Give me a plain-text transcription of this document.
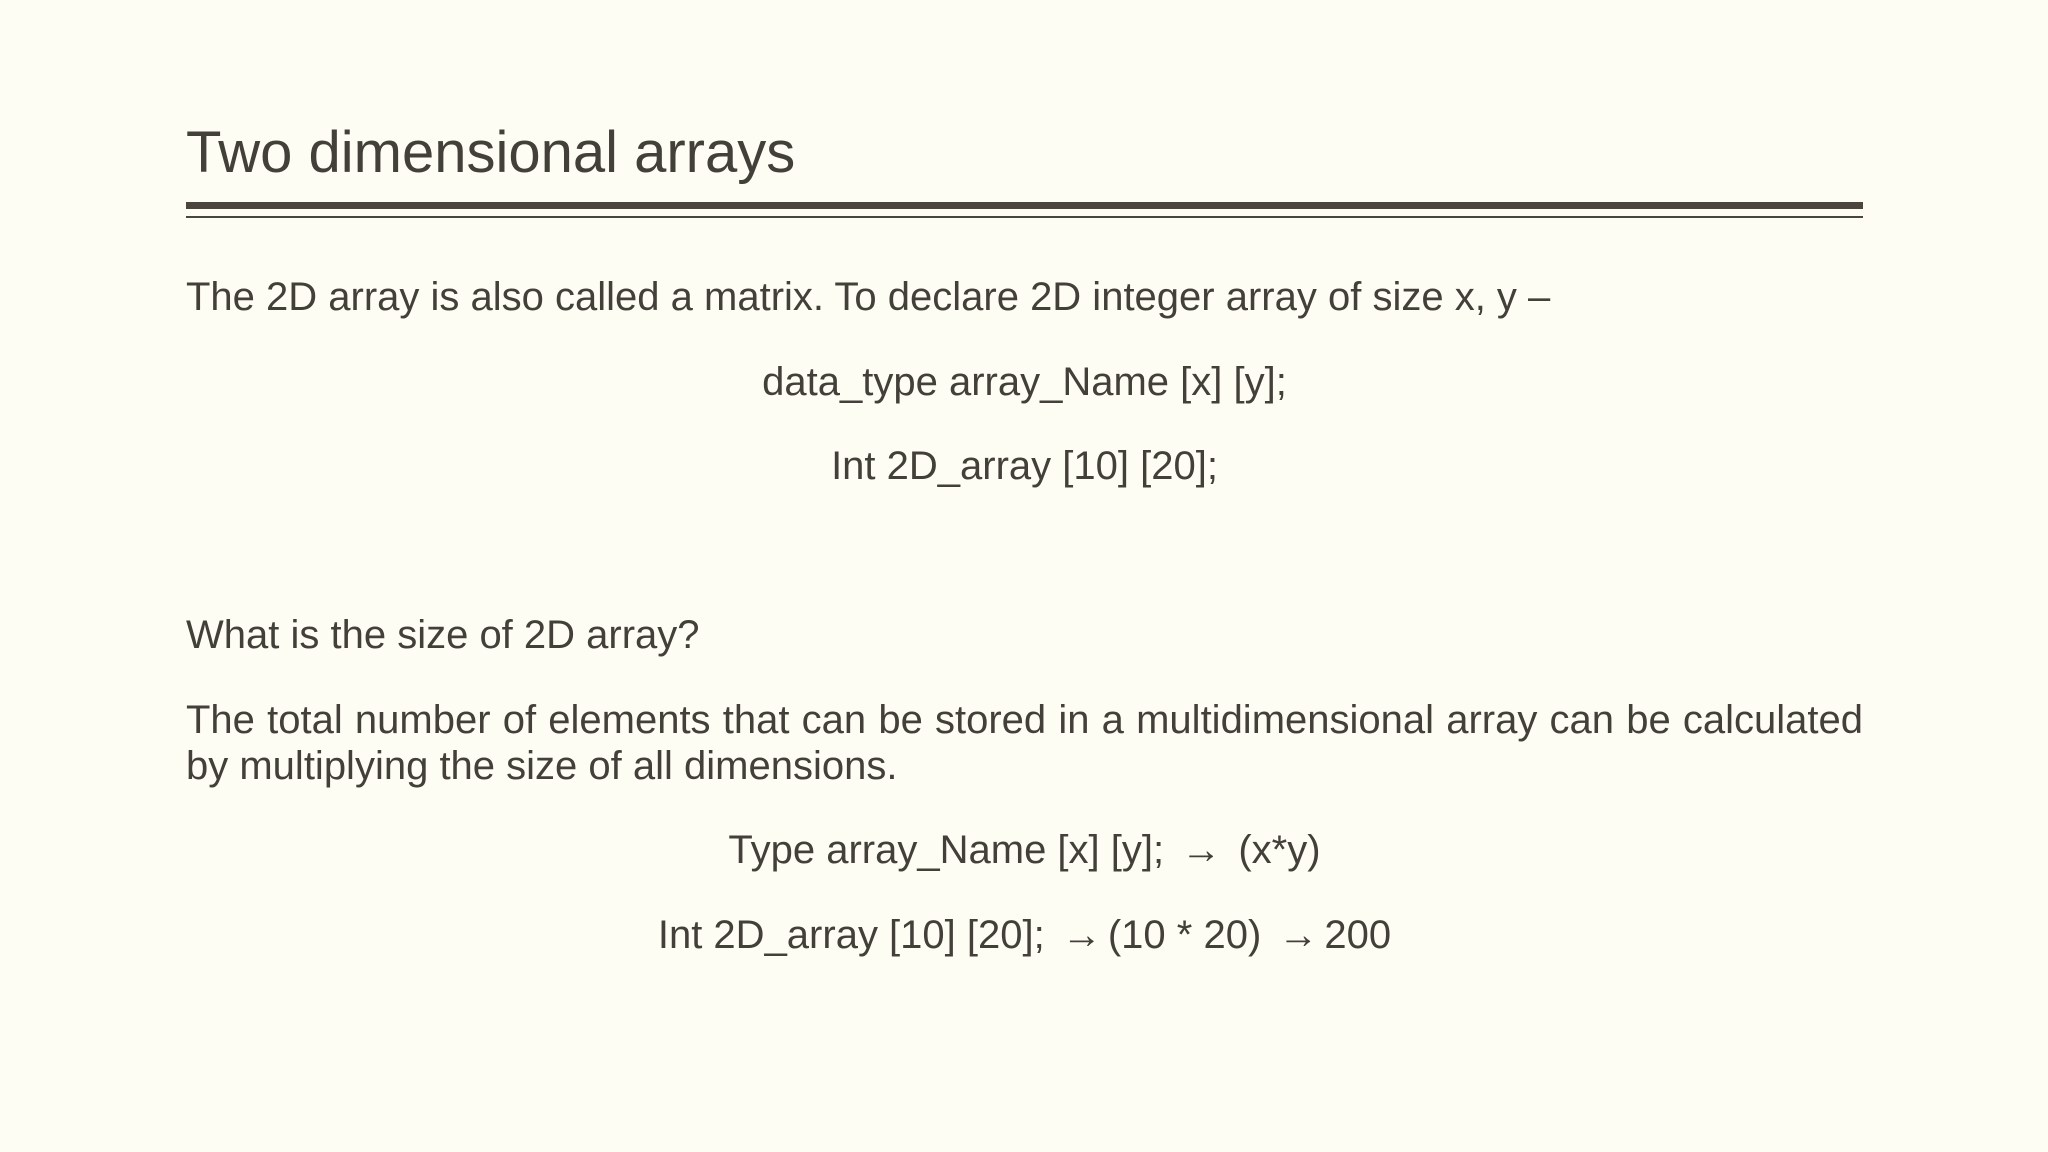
Two dimensional arrays
The 2D array is also called a matrix. To declare 2D integer array of size x, y –
data_type array_Name [x] [y];
Int 2D_array [10] [20];
What is the size of 2D array?
The total number of elements that can be stored in a multidimensional array can be calculated by multiplying the size of all dimensions.
Type array_Name [x] [y]; → (x*y)
Int 2D_array [10] [20]; → (10 * 20) → 200
